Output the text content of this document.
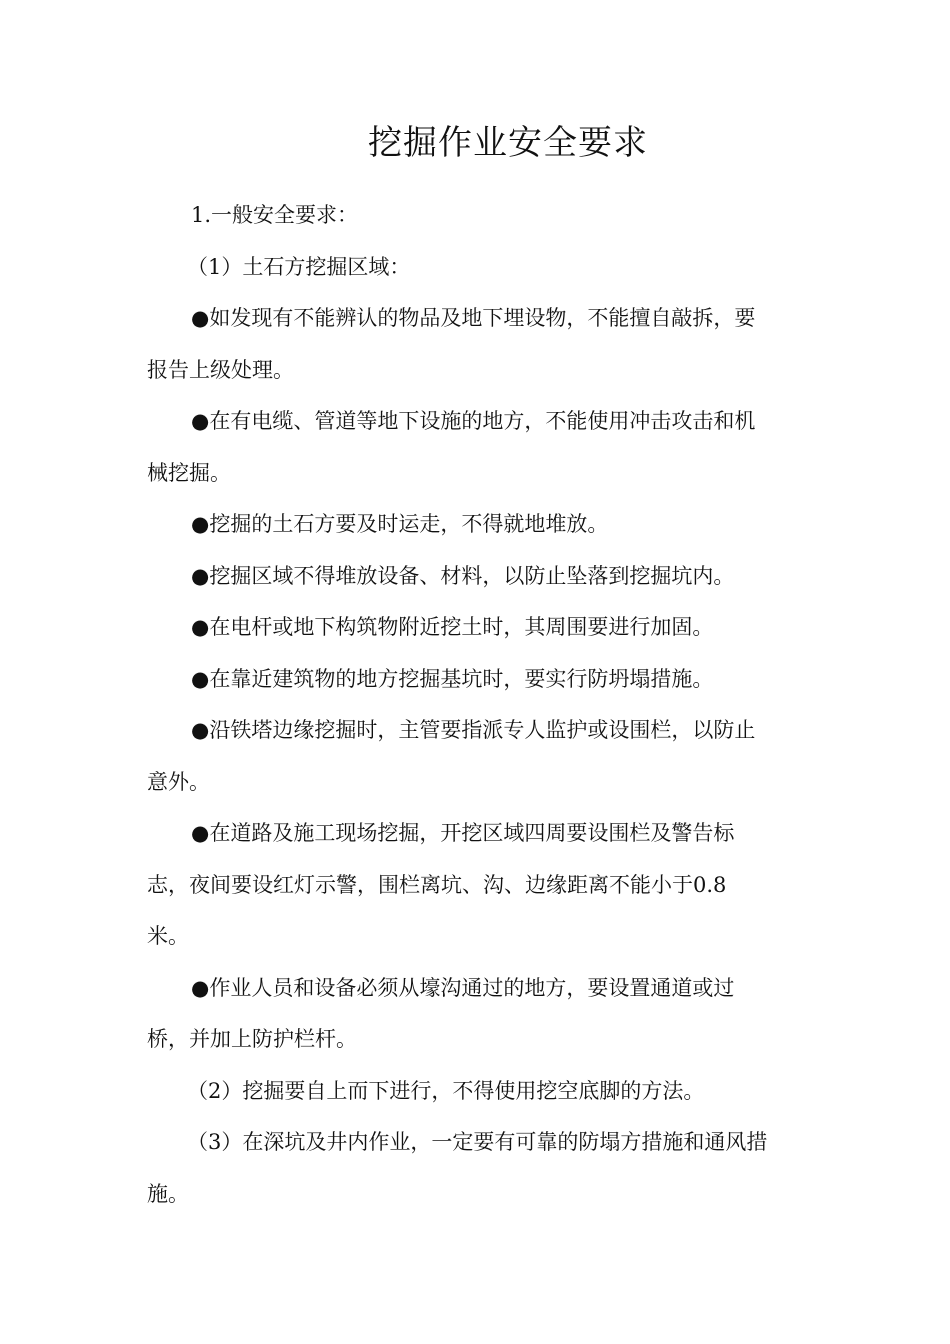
挖掘作业安全要求

1.一般安全要求：

（1）土石方挖掘区域：

●如发现有不能辨认的物品及地下埋设物，不能擅自敲拆，要
报告上级处理。

●在有电缆、管道等地下设施的地方，不能使用冲击攻击和机
械挖掘。

●挖掘的土石方要及时运走，不得就地堆放。

●挖掘区域不得堆放设备、材料，以防止坠落到挖掘坑内。

●在电杆或地下构筑物附近挖土时，其周围要进行加固。

●在靠近建筑物的地方挖掘基坑时，要实行防坍塌措施。

●沿铁塔边缘挖掘时，主管要指派专人监护或设围栏，以防止
意外。

●在道路及施工现场挖掘，开挖区域四周要设围栏及警告标
志，夜间要设红灯示警，围栏离坑、沟、边缘距离不能小于0.8
米。

●作业人员和设备必须从壕沟通过的地方，要设置通道或过
桥，并加上防护栏杆。

（2）挖掘要自上而下进行，不得使用挖空底脚的方法。

（3）在深坑及井内作业，一定要有可靠的防塌方措施和通风措
施。
